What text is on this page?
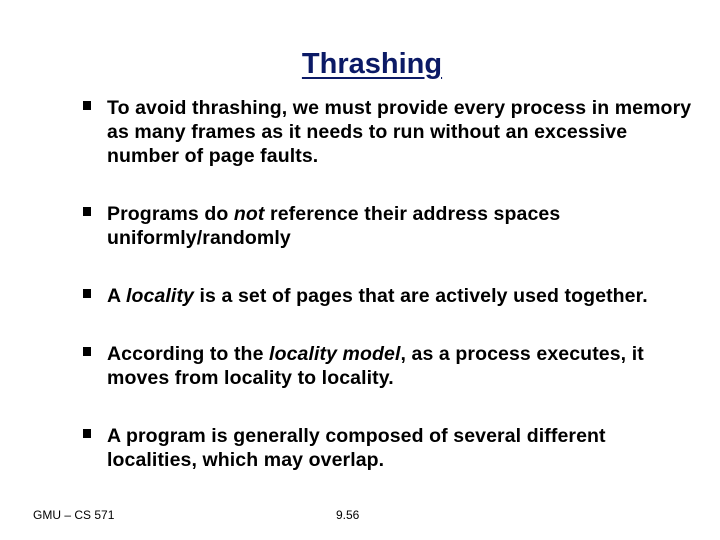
Thrashing
To avoid thrashing, we must provide every process in memory as many frames as it needs to run without an excessive number of page faults.
Programs do not reference their address spaces uniformly/randomly
A locality is a set of pages that are actively used together.
According to the locality model, as a process executes, it moves from locality to locality.
A program is generally composed of several different localities, which may overlap.
GMU – CS 571	9.56
